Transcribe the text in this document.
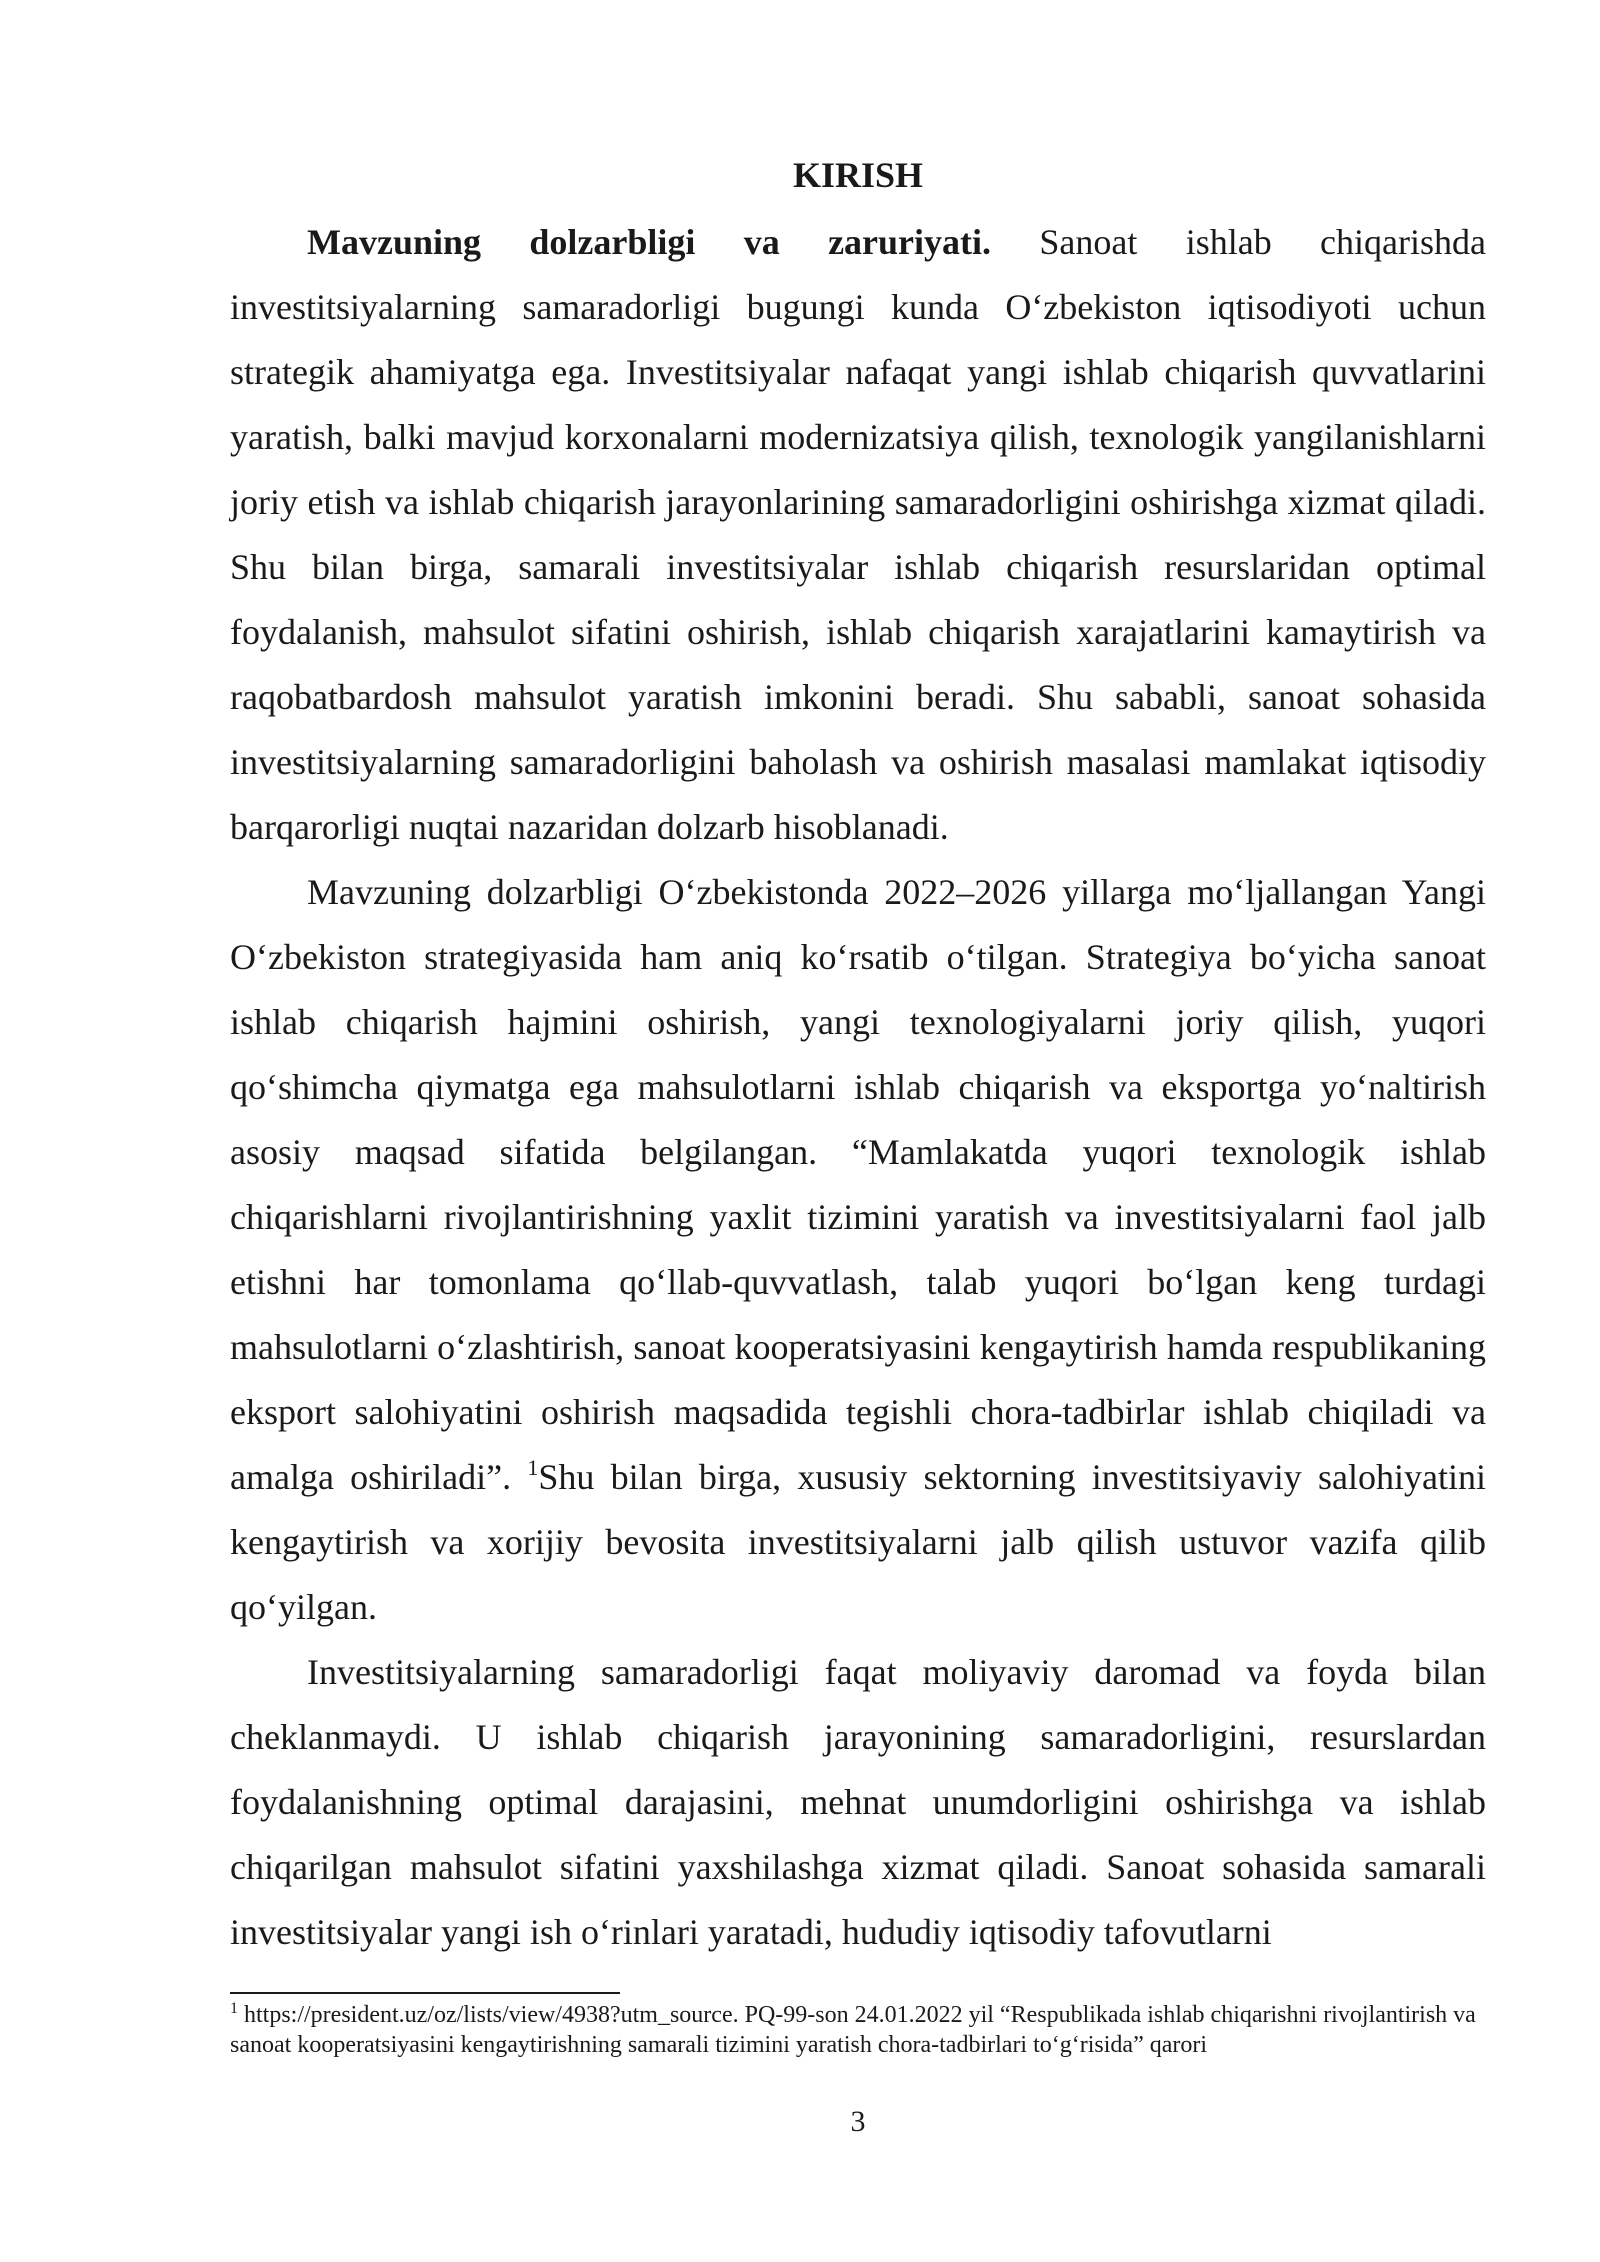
KIRISH

Mavzuning dolzarbligi va zaruriyati. Sanoat ishlab chiqarishda investitsiyalarning samaradorligi bugungi kunda O‘zbekiston iqtisodiyoti uchun strategik ahamiyatga ega. Investitsiyalar nafaqat yangi ishlab chiqarish quvvatlarini yaratish, balki mavjud korxonalarni modernizatsiya qilish, texnologik yangilanishlarni joriy etish va ishlab chiqarish jarayonlarining samaradorligini oshirishga xizmat qiladi. Shu bilan birga, samarali investitsiyalar ishlab chiqarish resurslaridan optimal foydalanish, mahsulot sifatini oshirish, ishlab chiqarish xarajatlarini kamaytirish va raqobatbardosh mahsulot yaratish imkonini beradi. Shu sababli, sanoat sohasida investitsiyalarning samaradorligini baholash va oshirish masalasi mamlakat iqtisodiy barqarorligi nuqtai nazaridan dolzarb hisoblanadi.

Mavzuning dolzarbligi O‘zbekistonda 2022–2026 yillarga mo‘ljallangan Yangi O‘zbekiston strategiyasida ham aniq ko‘rsatib o‘tilgan. Strategiya bo‘yicha sanoat ishlab chiqarish hajmini oshirish, yangi texnologiyalarni joriy qilish, yuqori qo‘shimcha qiymatga ega mahsulotlarni ishlab chiqarish va eksportga yo‘naltirish asosiy maqsad sifatida belgilangan. “Mamlakatda yuqori texnologik ishlab chiqarishlarni rivojlantirishning yaxlit tizimini yaratish va investitsiyalarni faol jalb etishni har tomonlama qo‘llab-quvvatlash, talab yuqori bo‘lgan keng turdagi mahsulotlarni o‘zlashtirish, sanoat kooperatsiyasini kengaytirish hamda respublikaning eksport salohiyatini oshirish maqsadida tegishli chora-tadbirlar ishlab chiqiladi va amalga oshiriladi”. $^1$Shu bilan birga, xususiy sektorning investitsiyaviy salohiyatini kengaytirish va xorijiy bevosita investitsiyalarni jalb qilish ustuvor vazifa qilib qo‘yilgan.

Investitsiyalarning samaradorligi faqat moliyaviy daromad va foyda bilan cheklanmaydi. U ishlab chiqarish jarayonining samaradorligini, resurslardan foydalanishning optimal darajasini, mehnat unumdorligini oshirishga va ishlab chiqarilgan mahsulot sifatini yaxshilashga xizmat qiladi. Sanoat sohasida samarali investitsiyalar yangi ish o‘rinlari yaratadi, hududiy iqtisodiy tafovutlarni

$^1$ https://president.uz/oz/lists/view/4938?utm_source. PQ-99-son 24.01.2022 yil “Respublikada ishlab chiqarishni rivojlantirish va sanoat kooperatsiyasini kengaytirishning samarali tizimini yaratish chora-tadbirlari to‘g‘risida” qarori

3
